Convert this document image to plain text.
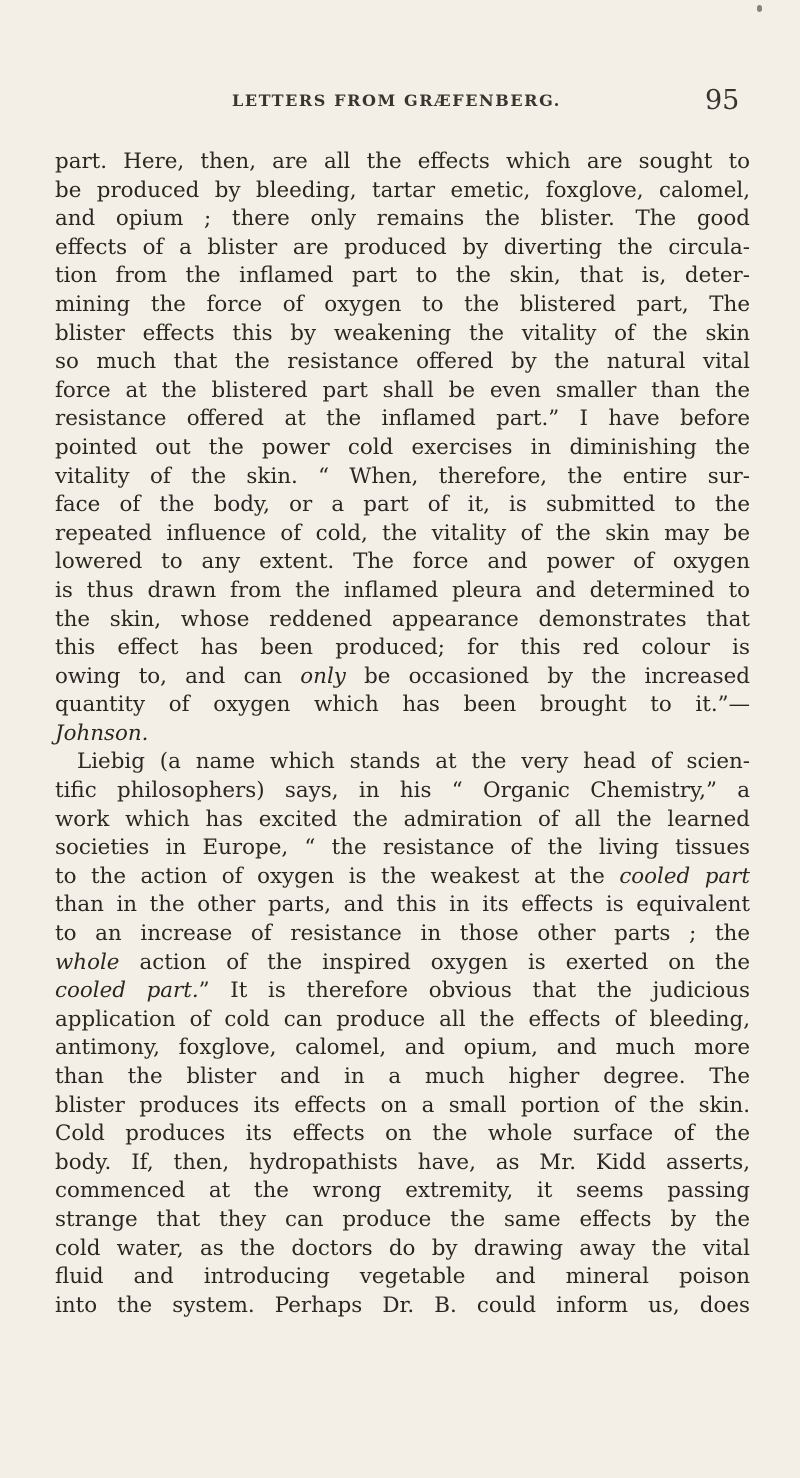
LETTERS FROM GRÆFENBERG.	95
part. Here, then, are all the effects which are sought to
be produced by bleeding, tartar emetic, foxglove, calomel,
and opium ; there only remains the blister. The good
effects of a blister are produced by diverting the circula-
tion from the inflamed part to the skin, that is, deter-
mining the force of oxygen to the blistered part, The
blister effects this by weakening the vitality of the skin
so much that the resistance offered by the natural vital
force at the blistered part shall be even smaller than the
resistance offered at the inflamed part.” I have before
pointed out the power cold exercises in diminishing the
vitality of the skin. “ When, therefore, the entire sur-
face of the body, or a part of it, is submitted to the
repeated influence of cold, the vitality of the skin may be
lowered to any extent. The force and power of oxygen
is thus drawn from the inflamed pleura and determined to
the skin, whose reddened appearance demonstrates that
this effect has been produced; for this red colour is
owing to, and can only be occasioned by the increased
quantity of oxygen which has been brought to it.”—
Johnson.
Liebig (a name which stands at the very head of scien-
tific philosophers) says, in his “ Organic Chemistry,” a
work which has excited the admiration of all the learned
societies in Europe, “ the resistance of the living tissues
to the action of oxygen is the weakest at the cooled part
than in the other parts, and this in its effects is equivalent
to an increase of resistance in those other parts ; the
whole action of the inspired oxygen is exerted on the
cooled part.” It is therefore obvious that the judicious
application of cold can produce all the effects of bleeding,
antimony, foxglove, calomel, and opium, and much more
than the blister and in a much higher degree. The
blister produces its effects on a small portion of the skin.
Cold produces its effects on the whole surface of the
body. If, then, hydropathists have, as Mr. Kidd asserts,
commenced at the wrong extremity, it seems passing
strange that they can produce the same effects by the
cold water, as the doctors do by drawing away the vital
fluid and introducing vegetable and mineral poison
into the system. Perhaps Dr. B. could inform us, does
